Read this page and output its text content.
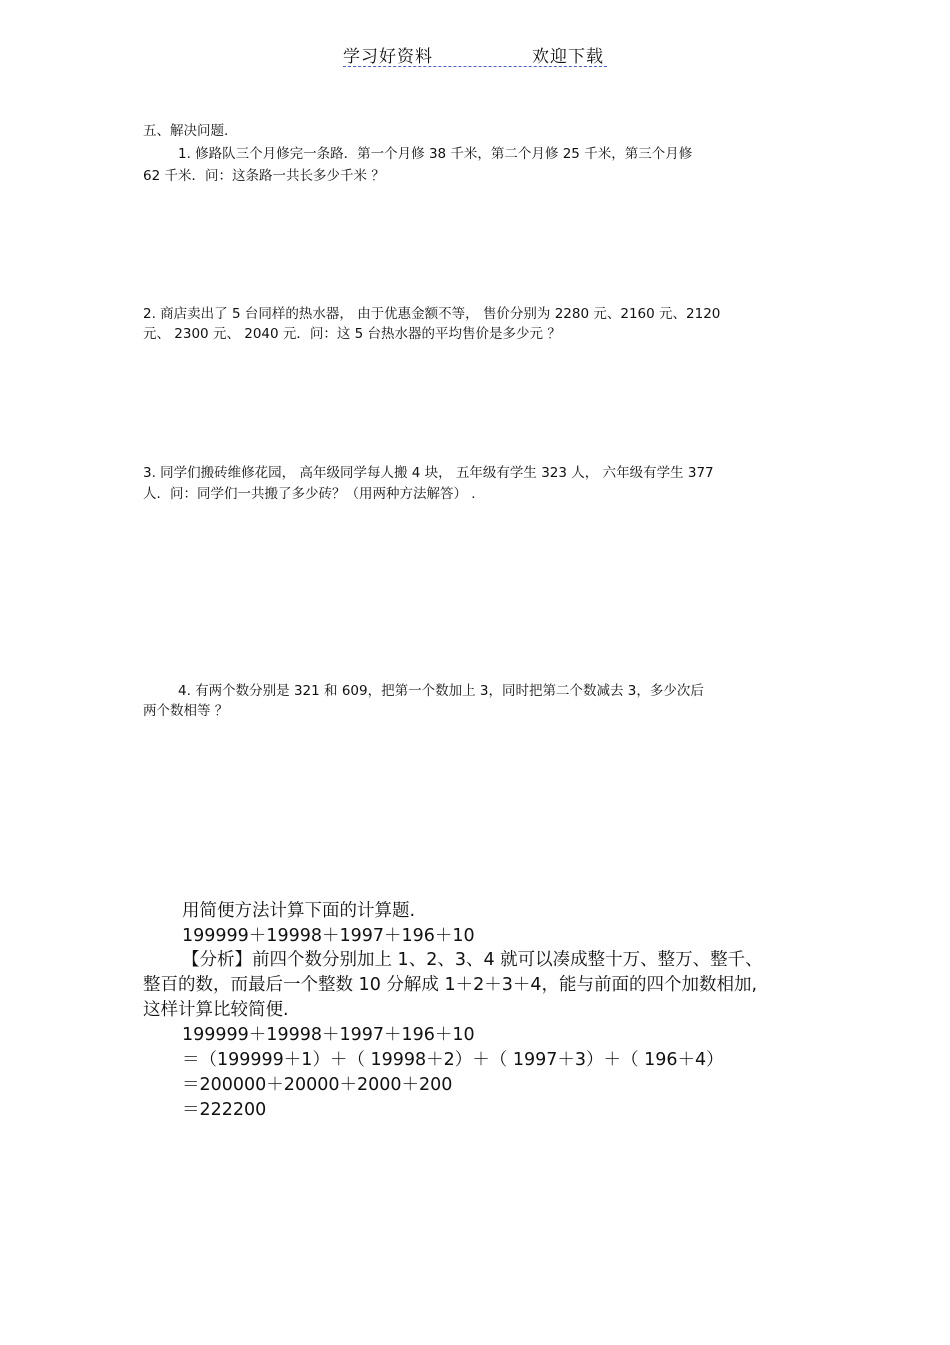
学习好资料	欢迎下载
五、解决问题.
1. 修路队三个月修完一条路．第一个月修 38 千米，第二个月修 25 千米，第三个月修
62 千米．问：这条路一共长多少千米 ？
2. 商店卖出了 5 台同样的热水器， 由于优惠金额不等， 售价分别为 2280 元、2160 元、2120
元、 2300 元、 2040 元．问：这 5 台热水器的平均售价是多少元 ？
3. 同学们搬砖维修花园， 高年级同学每人搬 4 块， 五年级有学生 323 人， 六年级有学生 377
人．问：同学们一共搬了多少砖？（用两种方法解答） .
4. 有两个数分别是 321 和 609，把第一个数加上 3，同时把第二个数减去 3，多少次后
两个数相等 ？
用简便方法计算下面的计算题.
199999＋19998＋1997＋196＋10
【分析】前四个数分别加上 1、2、3、4 就可以凑成整十万、整万、整千、
整百的数，而最后一个整数 10 分解成 1＋2＋3＋4，能与前面的四个加数相加,
这样计算比较简便.
199999＋19998＋1997＋196＋10
＝（199999＋1）＋（ 19998＋2）＋（ 1997＋3）＋（ 196＋4）
＝200000＋20000＋2000＋200
＝222200
